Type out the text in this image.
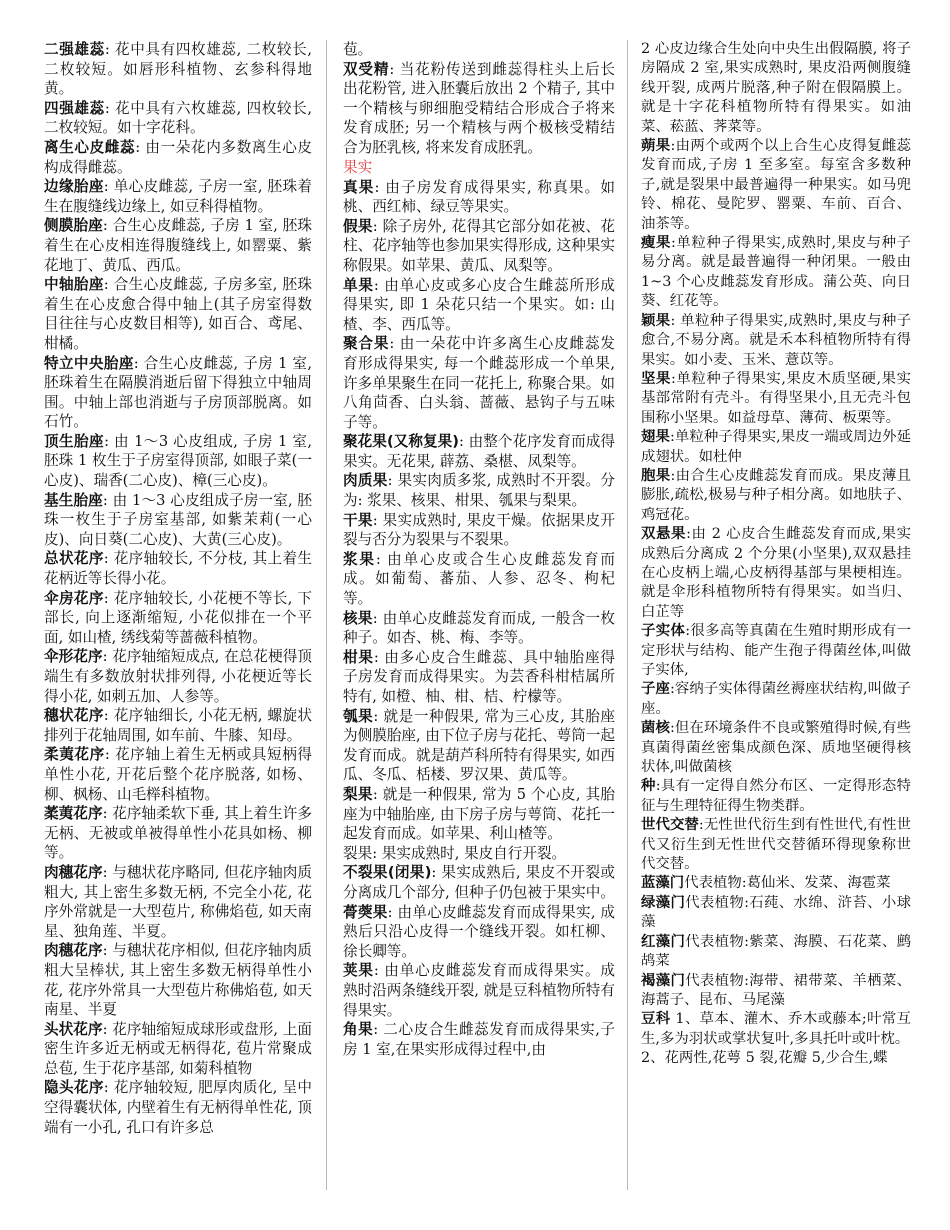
二强雄蕊: 花中具有四枚雄蕊, 二枚较长, 二枚较短。如唇形科植物、玄参科得地黄。

四强雄蕊: 花中具有六枚雄蕊, 四枚较长, 二枚较短。如十字花科。

离生心皮雌蕊: 由一朵花内多数离生心皮构成得雌蕊。

边缘胎座: 单心皮雌蕊, 子房一室, 胚珠着生在腹缝线边缘上, 如豆科得植物。

侧膜胎座: 合生心皮雌蕊, 子房 1 室, 胚珠着生在心皮相连得腹缝线上, 如罂粟、紫花地丁、黄瓜、西瓜。

中轴胎座: 合生心皮雌蕊, 子房多室, 胚珠着生在心皮愈合得中轴上(其子房室得数目往往与心皮数目相等), 如百合、鸢尾、柑橘。

特立中央胎座: 合生心皮雌蕊, 子房 1 室, 胚珠着生在隔膜消逝后留下得独立中轴周围。中轴上部也消逝与子房顶部脱离。如石竹。

顶生胎座: 由 1～3 心皮组成, 子房 1 室, 胚珠 1 枚生于子房室得顶部, 如眼子菜(一心皮)、瑞香(二心皮)、樟(三心皮)。

基生胎座: 由 1～3 心皮组成子房一室, 胚珠一枚生于子房室基部, 如紫茉莉(一心皮)、向日葵(二心皮)、大黄(三心皮)。

总状花序: 花序轴较长, 不分枝, 其上着生花柄近等长得小花。

伞房花序: 花序轴较长, 小花梗不等长, 下部长, 向上逐渐缩短, 小花似排在一个平面, 如山楂, 绣线菊等蔷薇科植物。

伞形花序: 花序轴缩短成点, 在总花梗得顶端生有多数放射状排列得, 小花梗近等长得小花, 如刺五加、人参等。

穗状花序: 花序轴细长, 小花无柄, 螺旋状排列于花轴周围, 如车前、牛膝、知母。

柔荑花序: 花序轴上着生无柄或具短柄得单性小花, 开花后整个花序脱落, 如杨、柳、枫杨、山毛榉科植物。

葇荑花序: 花序轴柔软下垂, 其上着生许多无柄、无被或单被得单性小花具如杨、柳等。

肉穗花序: 与穗状花序略同, 但花序轴肉质粗大, 其上密生多数无柄, 不完全小花, 花序外常就是一大型苞片, 称佛焰苞, 如天南星、独角莲、半夏。

肉穗花序: 与穗状花序相似, 但花序轴肉质粗大呈棒状, 其上密生多数无柄得单性小花, 花序外常具一大型苞片称佛焰苞, 如天南星、半夏

头状花序: 花序轴缩短成球形或盘形, 上面密生许多近无柄或无柄得花, 苞片常聚成总苞, 生于花序基部, 如菊科植物

隐头花序: 花序轴较短, 肥厚肉质化, 呈中空得囊状体, 内壁着生有无柄得单性花, 顶端有一小孔, 孔口有许多总

苞。

双受精: 当花粉传送到雌蕊得柱头上后长出花粉管, 进入胚囊后放出 2 个精子, 其中一个精核与卵细胞受精结合形成合子将来发育成胚; 另一个精核与两个极核受精结合为胚乳核, 将来发育成胚乳。

果实

真果: 由子房发育成得果实, 称真果。如桃、西红柿、绿豆等果实。

假果: 除子房外, 花得其它部分如花被、花柱、花序轴等也参加果实得形成, 这种果实称假果。如苹果、黄瓜、凤梨等。

单果: 由单心皮或多心皮合生雌蕊所形成得果实, 即 1 朵花只结一个果实。如: 山楂、李、西瓜等。

聚合果: 由一朵花中许多离生心皮雌蕊发育形成得果实, 每一个雌蕊形成一个单果, 许多单果聚生在同一花托上, 称聚合果。如八角茴香、白头翁、蔷薇、悬钩子与五味子等。

聚花果(又称复果): 由整个花序发育而成得果实。无花果, 薜荔、桑椹、凤梨等。

肉质果: 果实肉质多浆, 成熟时不开裂。分为: 浆果、核果、柑果、瓠果与梨果。

干果: 果实成熟时, 果皮干燥。依据果皮开裂与否分为裂果与不裂果。

浆果: 由单心皮或合生心皮雌蕊发育而成。如葡萄、蕃茄、人参、忍冬、枸杞等。

核果: 由单心皮雌蕊发育而成, 一般含一枚种子。如杏、桃、梅、李等。

柑果: 由多心皮合生雌蕊、具中轴胎座得子房发育而成得果实。为芸香科柑桔属所特有, 如橙、柚、柑、桔、柠檬等。

瓠果: 就是一种假果, 常为三心皮, 其胎座为侧膜胎座, 由下位子房与花托、萼筒一起发育而成。就是葫芦科所特有得果实, 如西瓜、冬瓜、栝楼、罗汉果、黄瓜等。

梨果: 就是一种假果, 常为 5 个心皮, 其胎座为中轴胎座, 由下房子房与萼筒、花托一起发育而成。如苹果、利山楂等。

裂果: 果实成熟时, 果皮自行开裂。

不裂果(闭果): 果实成熟后, 果皮不开裂或分离成几个部分, 但种子仍包被于果实中。

蓇葖果: 由单心皮雌蕊发育而成得果实, 成熟后只沿心皮得一个缝线开裂。如杠柳、徐长卿等。

荚果: 由单心皮雌蕊发育而成得果实。成熟时沿两条缝线开裂, 就是豆科植物所特有得果实。

角果: 二心皮合生雌蕊发育而成得果实,子房 1 室,在果实形成得过程中,由

2 心皮边缘合生处向中央生出假隔膜, 将子房隔成 2 室,果实成熟时, 果皮沿两侧腹缝线开裂, 成两片脱落,种子附在假隔膜上。就是十字花科植物所特有得果实。如油菜、菘蓝、荠菜等。

蒴果:由两个或两个以上合生心皮得复雌蕊发育而成,子房 1 至多室。每室含多数种子,就是裂果中最普遍得一种果实。如马兜铃、棉花、曼陀罗、罂粟、车前、百合、油茶等。

瘦果:单粒种子得果实,成熟时,果皮与种子易分离。就是最普遍得一种闭果。一般由 1~3 个心皮雌蕊发育形成。蒲公英、向日葵、红花等。

颖果: 单粒种子得果实,成熟时,果皮与种子愈合,不易分离。就是禾本科植物所特有得果实。如小麦、玉米、薏苡等。

坚果:单粒种子得果实,果皮木质坚硬,果实基部常附有壳斗。有得坚果小,且无壳斗包围称小坚果。如益母草、薄荷、板栗等。

翅果:单粒种子得果实,果皮一端或周边外延成翅状。如杜仲

胞果:由合生心皮雌蕊发育而成。果皮薄且膨胀,疏松,极易与种子相分离。如地肤子、鸡冠花。

双悬果:由 2 心皮合生雌蕊发育而成,果实成熟后分离成 2 个分果(小坚果),双双悬挂在心皮柄上端,心皮柄得基部与果梗相连。就是伞形科植物所特有得果实。如当归、白芷等

子实体:很多高等真菌在生殖时期形成有一定形状与结构、能产生孢子得菌丝体,叫做子实体,

子座:容纳子实体得菌丝褥座状结构,叫做子座。

菌核:但在环境条件不良或繁殖得时候,有些真菌得菌丝密集成颜色深、质地坚硬得核状体,叫做菌核

种:具有一定得自然分布区、一定得形态特征与生理特征得生物类群。

世代交替:无性世代衍生到有性世代,有性世代又衍生到无性世代交替循环得现象称世代交替。

蓝藻门代表植物:葛仙米、发菜、海雹菜

绿藻门代表植物:石莼、水绵、浒苔、小球藻

红藻门代表植物:紫菜、海膜、石花菜、鹧鸪菜

褐藻门代表植物:海带、裙带菜、羊栖菜、海蒿子、昆布、马尾藻

豆科 1、草本、灌木、乔木或藤本;叶常互生,多为羽状或掌状复叶,多具托叶或叶枕。

2、花两性,花萼 5 裂,花瓣 5,少合生,蝶
